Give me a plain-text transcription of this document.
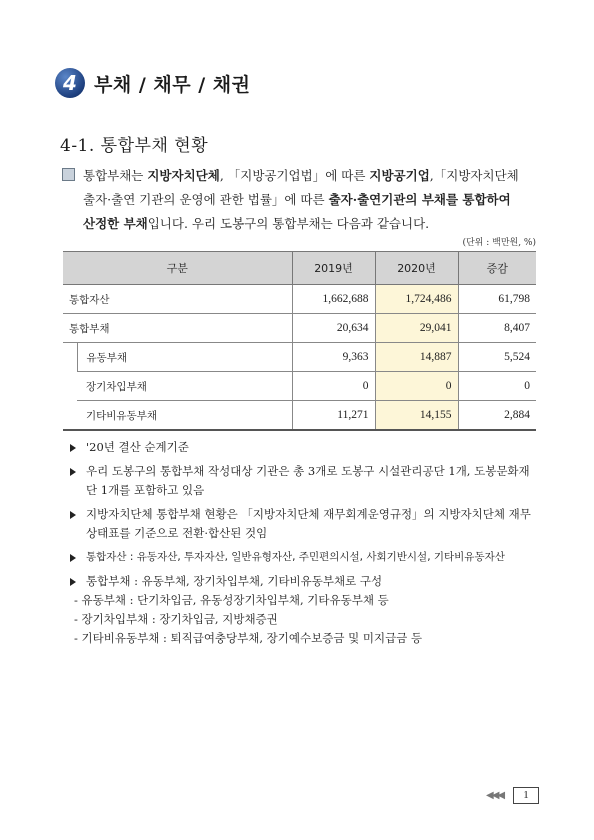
4 부채 / 채무 / 채권
4-1. 통합부채 현황
통합부채는 지방자치단체, 「지방공기업법」에 따른 지방공기업,「지방자치단체
출자·출연 기관의 운영에 관한 법률」에 따른 출자·출연기관의 부채를 통합하여
산정한 부채입니다. 우리 도봉구의 통합부채는 다음과 같습니다.
(단위 : 백만원, %)
구분		2019년	2020년	증감
통합자산		1,662,688	1,724,486	61,798
통합부채		20,634	29,041	8,407
	유동부채	9,363	14,887	5,524
	장기차입부채	0	0	0
	기타비유동부채	11,271	14,155	2,884
'20년 결산 순계기준
우리 도봉구의 통합부채 작성대상 기관은 총 3개로 도봉구 시설관리공단 1개, 도봉문화재단 1개를 포함하고 있음
지방자치단체 통합부채 현황은 「지방자치단체 재무회계운영규정」의 지방자치단체 재무상태표를 기준으로 전환·합산된 것임
통합자산 : 유동자산, 투자자산, 일반유형자산, 주민편의시설, 사회기반시설, 기타비유동자산
통합부채 : 유동부채, 장기차입부채, 기타비유동부채로 구성
- 유동부채 : 단기차입금, 유동성장기차입부채, 기타유동부채 등
- 장기차입부채 : 장기차입금, 지방채증권
- 기타비유동부채 : 퇴직급여충당부채, 장기예수보증금 및 미지급금 등
◀◀◀	1
